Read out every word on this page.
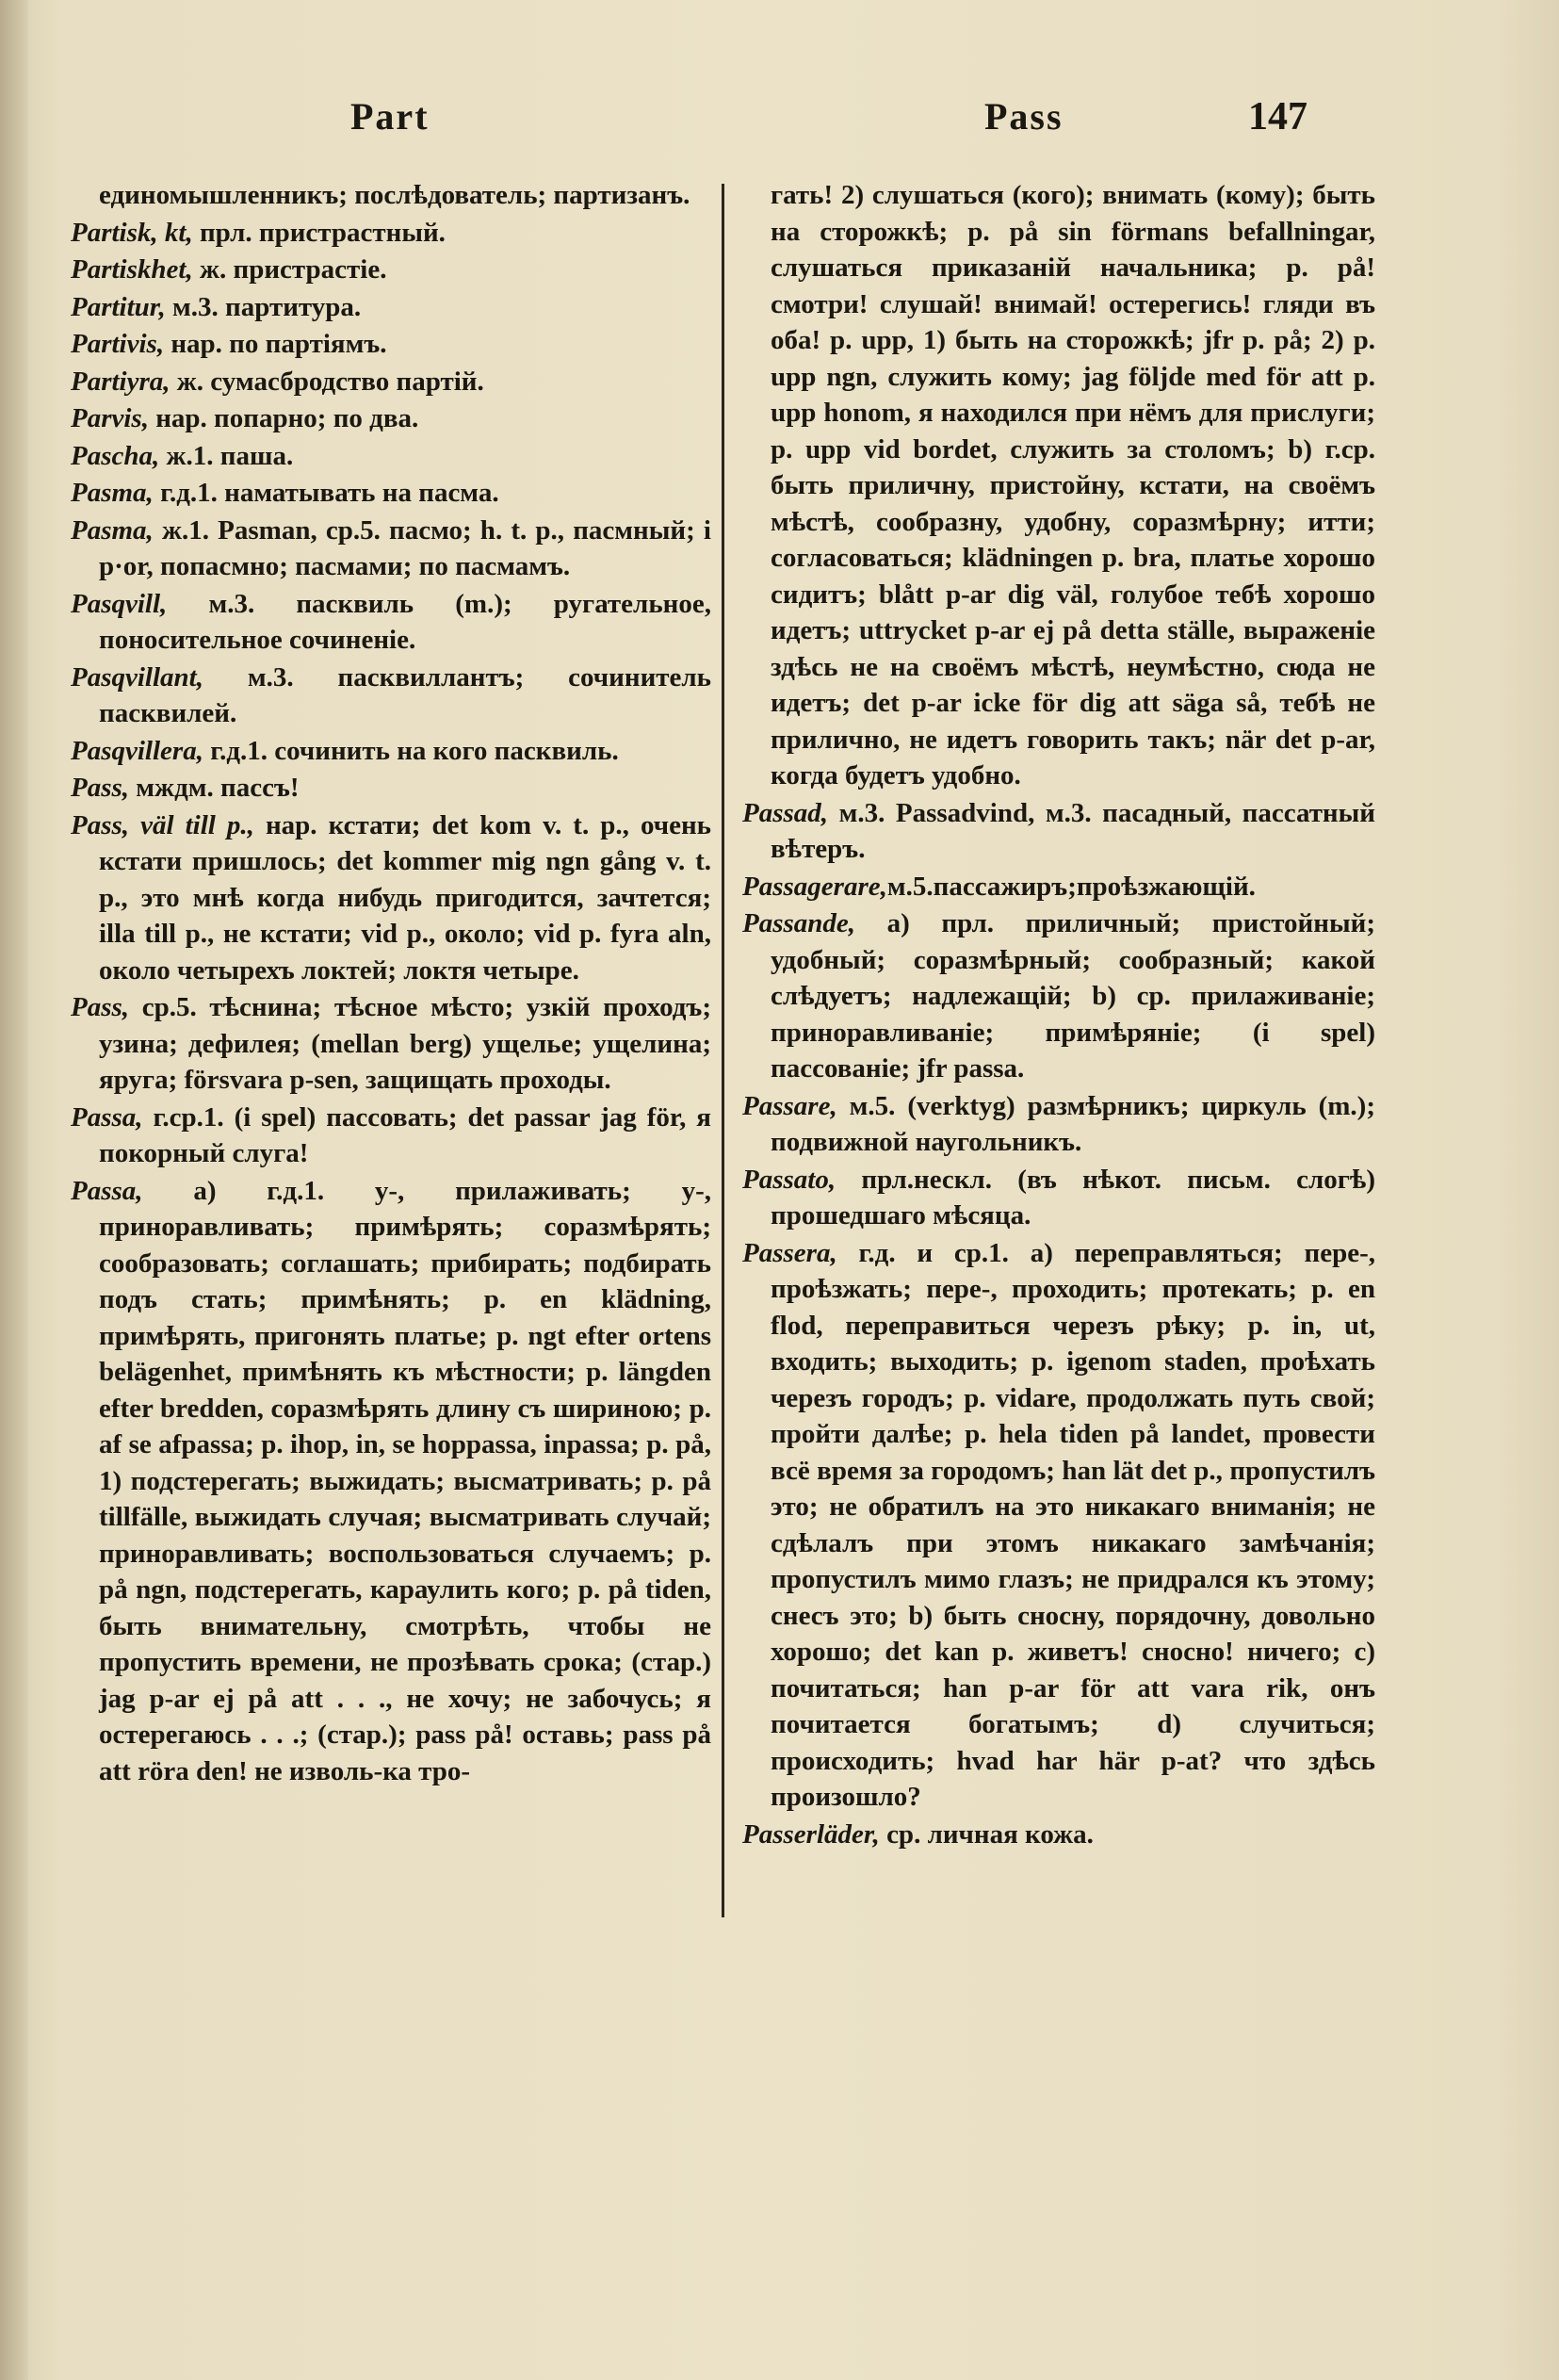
Part	Pass	147

единомышленникъ; послѣдователь; партизанъ.

Partisk, kt, прл. пристрастный.

Partiskhet, ж. пристрастіе.

Partitur, м.3. партитура.

Partivis, нар. по партіямъ.

Partiyra, ж. сумасбродство партій.

Parvis, нар. попарно; по два.

Pascha, ж.1. паша.

Pasma, г.д.1. наматывать на пасма.

Pasma, ж.1. Pasman, ср.5. пасмо; h. t. p., пасмный; i p·or, попасмно; пасмами; по пасмамъ.

Pasqvill, м.3. пасквиль (m.); ругательное, поносительное сочиненіе.

Pasqvillant, м.3. пасквиллантъ; сочинитель пасквилей.

Pasqvillera, г.д.1. сочинить на кого пасквиль.

Pass, мждм. пассъ!

Pass, väl till p., нар. кстати; det kom v. t. p., очень кстати пришлось; det kommer mig ngn gång v. t. p., это мнѣ когда нибудь пригодится, зачтется; illa till p., не кстати; vid p., около; vid p. fyra aln, около четырехъ локтей; локтя четыре.

Pass, ср.5. тѣснина; тѣсное мѣсто; узкій проходъ; узина; дефилея; (mellan berg) ущелье; ущелина; яруга; försvara p-sen, защищать проходы.

Passa, г.ср.1. (i spel) пассовать; det passar jag för, я покорный слуга!

Passa, а) г.д.1. у-, прилаживать; у-, приноравливать; примѣрять; соразмѣрять; сообразовать; соглашать; прибирать; подбирать подъ стать; примѣнять; p. en klädning, примѣрять, пригонять платье; p. ngt efter ortens belägenhet, примѣнять къ мѣстности; p. längden efter bredden, соразмѣрять длину съ шириною; p. af se afpassa; p. ihop, in, se hoppassa, inpassa; p. på, 1) подстерегать; выжидать; высматривать; p. på tillfälle, выжидать случая; высматривать случай; приноравливать; воспользоваться случаемъ; p. på ngn, подстерегать, караулить кого; p. på tiden, быть внимательну, смотрѣть, чтобы не пропустить времени, не прозѣвать срока; (стар.) jag p-ar ej på att . . ., не хочу; не забочусь; я остерегаюсь . . .; (стар.); pass på! оставь; pass på att röra den! не изволь-ка тро-

гать! 2) слушаться (кого); внимать (кому); быть на сторожкѣ; p. på sin förmans befallningar, слушаться приказаній начальника; p. på! смотри! слушай! внимай! остерегись! гляди въ оба! p. upp, 1) быть на сторожкѣ; jfr p. på; 2) p. upp ngn, служить кому; jag följde med för att p. upp honom, я находился при нёмъ для прислуги; p. upp vid bordet, служить за столомъ; b) г.ср. быть приличну, пристойну, кстати, на своёмъ мѣстѣ, сообразну, удобну, соразмѣрну; итти; согласоваться; klädningen p. bra, платье хорошо сидитъ; blått p-ar dig väl, голубое тебѣ хорошо идетъ; uttrycket p-ar ej på detta ställe, выраженіе здѣсь не на своёмъ мѣстѣ, неумѣстно, сюда не идетъ; det p-ar icke för dig att säga så, тебѣ не прилично, не идетъ говорить такъ; när det p-ar, когда будетъ удобно.

Passad, м.3. Passadvind, м.3. пасадный, пассатный вѣтеръ.

Passagerare,м.5.пассажиръ;проѣзжающій.

Passande, а) прл. приличный; пристойный; удобный; соразмѣрный; сообразный; какой слѣдуетъ; надлежащій; b) ср. прилаживаніе; приноравливаніе; примѣряніе; (i spel) пассованіе; jfr passa.

Passare, м.5. (verktyg) размѣрникъ; циркуль (m.); подвижной наугольникъ.

Passato, прл.нескл. (въ нѣкот. письм. слогѣ) прошедшаго мѣсяца.

Passera, г.д. и ср.1. а) переправляться; пере-, проѣзжать; пере-, проходить; протекать; p. en flod, переправиться черезъ рѣку; p. in, ut, входить; выходить; p. igenom staden, проѣхать черезъ городъ; p. vidare, продолжать путь свой; пройти далѣе; p. hela tiden på landet, провести всё время за городомъ; han lät det p., пропустилъ это; не обратилъ на это никакаго вниманія; не сдѣлалъ при этомъ никакаго замѣчанія; пропустилъ мимо глазъ; не придрался къ этому; снесъ это; b) быть сносну, порядочну, довольно хорошо; det kan p. живетъ! сносно! ничего; c) почитаться; han p-ar för att vara rik, онъ почитается богатымъ; d) случиться; происходить; hvad har här p-at? что здѣсь произошло?

Passerläder, ср. личная кожа.
